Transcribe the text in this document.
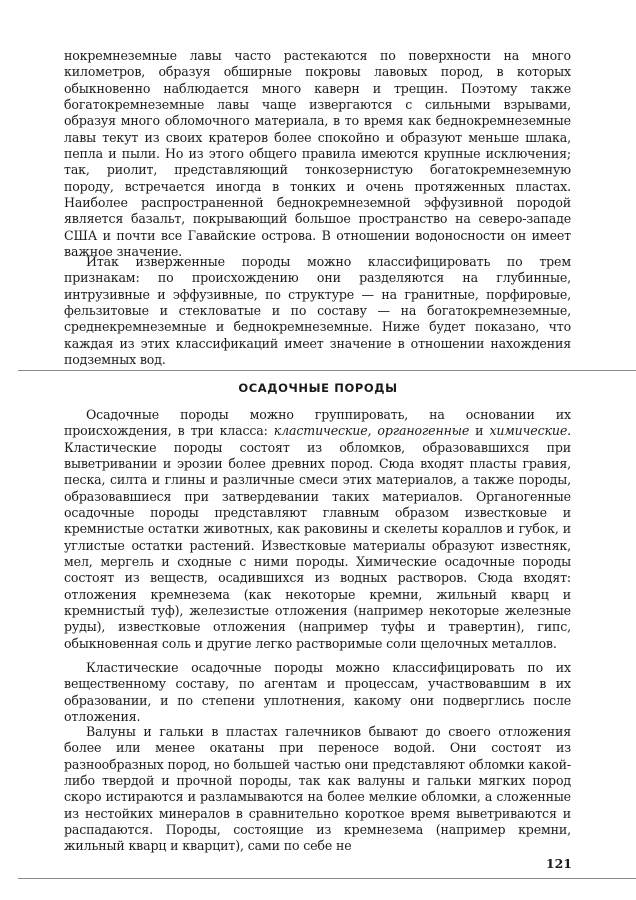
нокремнеземные лавы часто растекаются по поверхности на много километров, образуя обширные покровы лавовых пород, в которых обыкновенно наблюдается много каверн и трещин. Поэтому также богатокремнеземные лавы чаще извергаются с сильными взрывами, образуя много обломочного материала, в то время как беднокремнеземные лавы текут из своих кратеров более спокойно и образуют меньше шлака, пепла и пыли. Но из этого общего правила имеются крупные исключения; так, риолит, представляющий тонкозернистую богатокремнеземную породу, встречается иногда в тонких и очень протяженных пластах. Наиболее распространенной беднокремнеземной эффузивной породой является базальт, покрывающий большое пространство на северо-западе США и почти все Гавайские острова. В отношении водоносности он имеет важное значение.

Итак изверженные породы можно классифицировать по трем признакам: по происхождению они разделяются на глубинные, интрузивные и эффузивные, по структуре — на гранитные, порфировые, фельзитовые и стекловатые и по составу — на богатокремнеземные, среднекремнеземные и беднокремнеземные. Ниже будет показано, что каждая из этих классификаций имеет значение в отношении нахождения подземных вод.

ОСАДОЧНЫЕ ПОРОДЫ

Осадочные породы можно группировать, на основании их происхождения, в три класса: кластические, органогенные и химические. Кластические породы состоят из обломков, образовавшихся при выветривании и эрозии более древних пород. Сюда входят пласты гравия, песка, силта и глины и различные смеси этих материалов, а также породы, образовавшиеся при затвердевании таких материалов. Органогенные осадочные породы представляют главным образом известковые и кремнистые остатки животных, как раковины и скелеты кораллов и губок, и углистые остатки растений. Известковые материалы образуют известняк, мел, мергель и сходные с ними породы. Химические осадочные породы состоят из веществ, осадившихся из водных растворов. Сюда входят: отложения кремнезема (как некоторые кремни, жильный кварц и кремнистый туф), железистые отложения (например некоторые железные руды), известковые отложения (например туфы и травертин), гипс, обыкновенная соль и другие легко растворимые соли щелочных металлов.

Кластические осадочные породы можно классифицировать по их вещественному составу, по агентам и процессам, участвовавшим в их образовании, и по степени уплотнения, какому они подверглись после отложения.

Валуны и гальки в пластах галечников бывают до своего отложения более или менее окатаны при переносе водой. Они состоят из разнообразных пород, но большей частью они представляют обломки какой-либо твердой и прочной породы, так как валуны и гальки мягких пород скоро истираются и разламываются на более мелкие обломки, а сложенные из нестойких минералов в сравнительно короткое время выветриваются и распадаются. Породы, состоящие из кремнезема (например кремни, жильный кварц и кварцит), сами по себе не

121
